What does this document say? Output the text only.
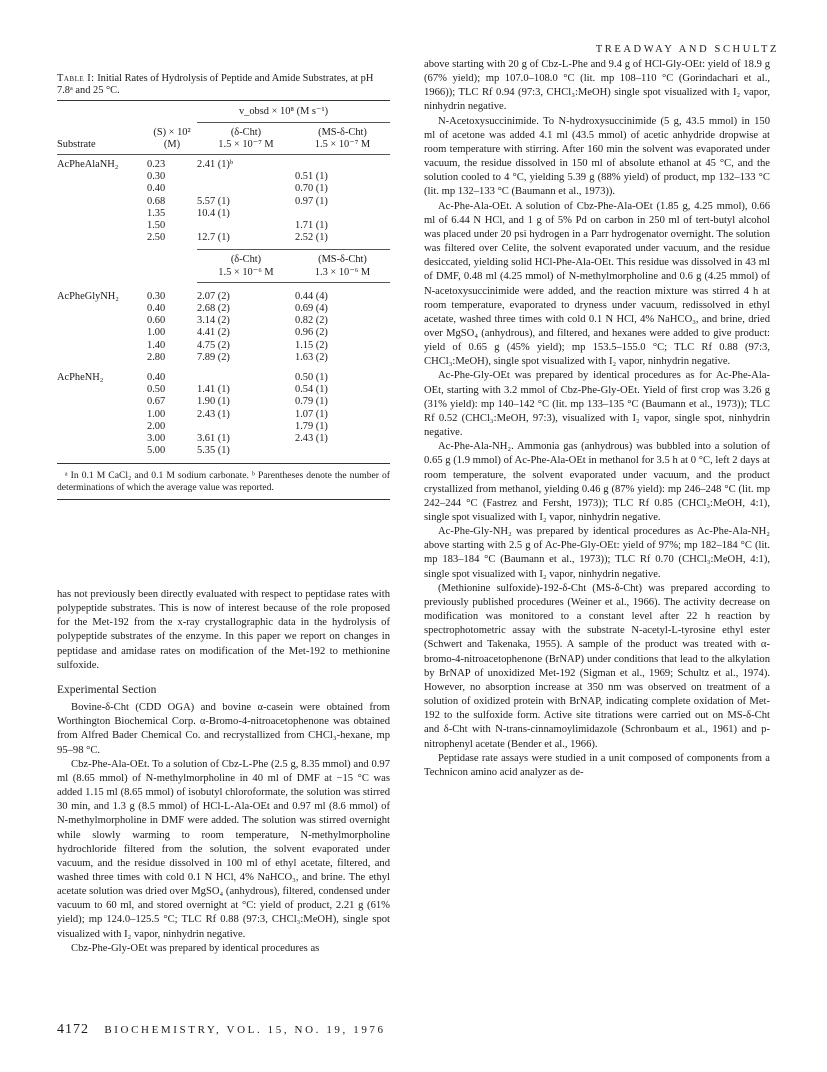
TREADWAY AND SCHULTZ
Table I: Initial Rates of Hydrolysis of Peptide and Amide Substrates, at pH 7.8ᵃ and 25 °C.
v_obsd × 10⁸ (M s⁻¹)
	(S) × 10²	(δ-Cht)	(MS-δ-Cht)
Substrate	(M)	1.5 × 10⁻⁷ M	1.5 × 10⁻⁷ M
AcPheAlaNH₂	0.23	2.41 (1)ᵇ	
	0.30		0.51 (1)
	0.40		0.70 (1)
	0.68	5.57 (1)	0.97 (1)
	1.35	10.4 (1)	
	1.50		1.71 (1)
	2.50	12.7 (1)	2.52 (1)
		(δ-Cht)	(MS-δ-Cht)
		1.5 × 10⁻⁶ M	1.3 × 10⁻⁶ M
AcPheGlyNH₂	0.30	2.07 (2)	0.44 (4)
	0.40	2.68 (2)	0.69 (4)
	0.60	3.14 (2)	0.82 (2)
	1.00	4.41 (2)	0.96 (2)
	1.40	4.75 (2)	1.15 (2)
	2.80	7.89 (2)	1.63 (2)
AcPheNH₂	0.40		0.50 (1)
	0.50	1.41 (1)	0.54 (1)
	0.67	1.90 (1)	0.79 (1)
	1.00	2.43 (1)	1.07 (1)
	2.00		1.79 (1)
	3.00	3.61 (1)	2.43 (1)
	5.00	5.35 (1)	
ᵃ In 0.1 M CaCl₂ and 0.1 M sodium carbonate. ᵇ Parentheses denote the number of determinations of which the average value was reported.

has not previously been directly evaluated with respect to peptidase rates with polypeptide substrates. This is now of interest because of the role proposed for the Met-192 from the x-ray crystallographic data in the hydrolysis of polypeptide substrates of the enzyme. In this paper we report on changes in peptidase and amidase rates on modification of the Met-192 to methionine sulfoxide.

Experimental Section

Bovine-δ-Cht (CDD OGA) and bovine α-casein were obtained from Worthington Biochemical Corp. α-Bromo-4-nitroacetophenone was obtained from Alfred Bader Chemical Co. and recrystallized from CHCl₃-hexane, mp 95–98 °C.

Cbz-Phe-Ala-OEt. To a solution of Cbz-L-Phe (2.5 g, 8.35 mmol) and 0.97 ml (8.65 mmol) of N-methylmorpholine in 40 ml of DMF at −15 °C was added 1.15 ml (8.65 mmol) of isobutyl chloroformate, the solution was stirred 30 min, and 1.3 g (8.5 mmol) of HCl-L-Ala-OEt and 0.97 ml (8.6 mmol) of N-methylmorpholine in DMF were added. The solution was stirred overnight while slowly warming to room temperature, N-methylmorpholine hydrochloride filtered from the solution, the solvent evaporated under vacuum, and the residue dissolved in 100 ml of ethyl acetate, filtered, and washed three times with cold 0.1 N HCl, 4% NaHCO₃, and brine. The ethyl acetate solution was dried over MgSO₄ (anhydrous), filtered, condensed under vacuum to 60 ml, and stored overnight at °C: yield of product, 2.21 g (61% yield); mp 124.0–125.5 °C; TLC Rf 0.88 (97:3, CHCl₃:MeOH), single spot visualized with I₂ vapor, ninhydrin negative.

Cbz-Phe-Gly-OEt was prepared by identical procedures as

above starting with 20 g of Cbz-L-Phe and 9.4 g of HCl-Gly-OEt: yield of 18.9 g (67% yield); mp 107.0–108.0 °C (lit. mp 108–110 °C (Gorindachari et al., 1966)); TLC Rf 0.94 (97:3, CHCl₃:MeOH) single spot visualized with I₂ vapor, ninhydrin negative.

N-Acetoxysuccinimide. To N-hydroxysuccinimide (5 g, 43.5 mmol) in 150 ml of acetone was added 4.1 ml (43.5 mmol) of acetic anhydride dropwise at room temperature with stirring. After 160 min the solvent was evaporated under vacuum, the residue dissolved in 150 ml of absolute ethanol at 45 °C, and the solution cooled to 4 °C, yielding 5.39 g (88% yield) of product, mp 132–133 °C (lit. mp 132–133 °C (Baumann et al., 1973)).

Ac-Phe-Ala-OEt. A solution of Cbz-Phe-Ala-OEt (1.85 g, 4.25 mmol), 0.66 ml of 6.44 N HCl, and 1 g of 5% Pd on carbon in 250 ml of tert-butyl alcohol was placed under 20 psi hydrogen in a Parr hydrogenator overnight. The solution was filtered over Celite, the solvent evaporated under vacuum, and the residue desiccated, yielding solid HCl-Phe-Ala-OEt. This residue was dissolved in 43 ml of DMF, 0.48 ml (4.25 mmol) of N-methylmorpholine and 0.6 g (4.25 mmol) of N-acetoxysuccinimide were added, and the reaction mixture was stirred 4 h at room temperature, evaporated to dryness under vacuum, redissolved in ethyl acetate, washed three times with cold 0.1 N HCl, 4% NaHCO₃, and brine, dried over MgSO₄ (anhydrous), and filtered, and hexanes were added to give product: yield of 0.65 g (45% yield); mp 153.5–155.0 °C; TLC Rf 0.88 (97:3, CHCl₃:MeOH), single spot visualized with I₂ vapor, ninhydrin negative.

Ac-Phe-Gly-OEt was prepared by identical procedures as for Ac-Phe-Ala-OEt, starting with 3.2 mmol of Cbz-Phe-Gly-OEt. Yield of first crop was 3.26 g (31% yield): mp 140–142 °C (lit. mp 133–135 °C (Baumann et al., 1973)); TLC Rf 0.52 (CHCl₃:MeOH, 97:3), visualized with I₂ vapor, single spot, ninhydrin negative.

Ac-Phe-Ala-NH₂. Ammonia gas (anhydrous) was bubbled into a solution of 0.65 g (1.9 mmol) of Ac-Phe-Ala-OEt in methanol for 3.5 h at 0 °C, left 2 days at room temperature, the solvent evaporated under vacuum, and the product crystallized from methanol, yielding 0.46 g (87% yield): mp 246–248 °C (lit. mp 242–244 °C (Fastrez and Fersht, 1973)); TLC Rf 0.85 (CHCl₃:MeOH, 4:1), single spot visualized with I₂ vapor, ninhydrin negative.

Ac-Phe-Gly-NH₂ was prepared by identical procedures as Ac-Phe-Ala-NH₂ above starting with 2.5 g of Ac-Phe-Gly-OEt: yield of 97%; mp 182–184 °C (lit. mp 183–184 °C (Baumann et al., 1973)); TLC Rf 0.70 (CHCl₃:MeOH, 4:1), single spot visualized with I₂ vapor, ninhydrin negative.

(Methionine sulfoxide)-192-δ-Cht (MS-δ-Cht) was prepared according to previously published procedures (Weiner et al., 1966). The activity decrease on modification was monitored to a constant level after 22 h reaction by spectrophotometric assay with the substrate N-acetyl-L-tyrosine ethyl ester (Schwert and Takenaka, 1955). A sample of the product was treated with α-bromo-4-nitroacetophenone (BrNAP) under conditions that lead to the alkylation by BrNAP of unoxidized Met-192 (Sigman et al., 1969; Schultz et al., 1974). However, no absorption increase at 350 nm was observed on treatment of a solution of oxidized protein with BrNAP, indicating complete oxidation of Met-192 to the sulfoxide form. Active site titrations were carried out on MS-δ-Cht and δ-Cht with N-trans-cinnamoylimidazole (Schronbaum et al., 1961) and p-nitrophenyl acetate (Bender et al., 1966).

Peptidase rate assays were studied in a unit composed of components from a Technicon amino acid analyzer as de-

4172 BIOCHEMISTRY, VOL. 15, NO. 19, 1976
